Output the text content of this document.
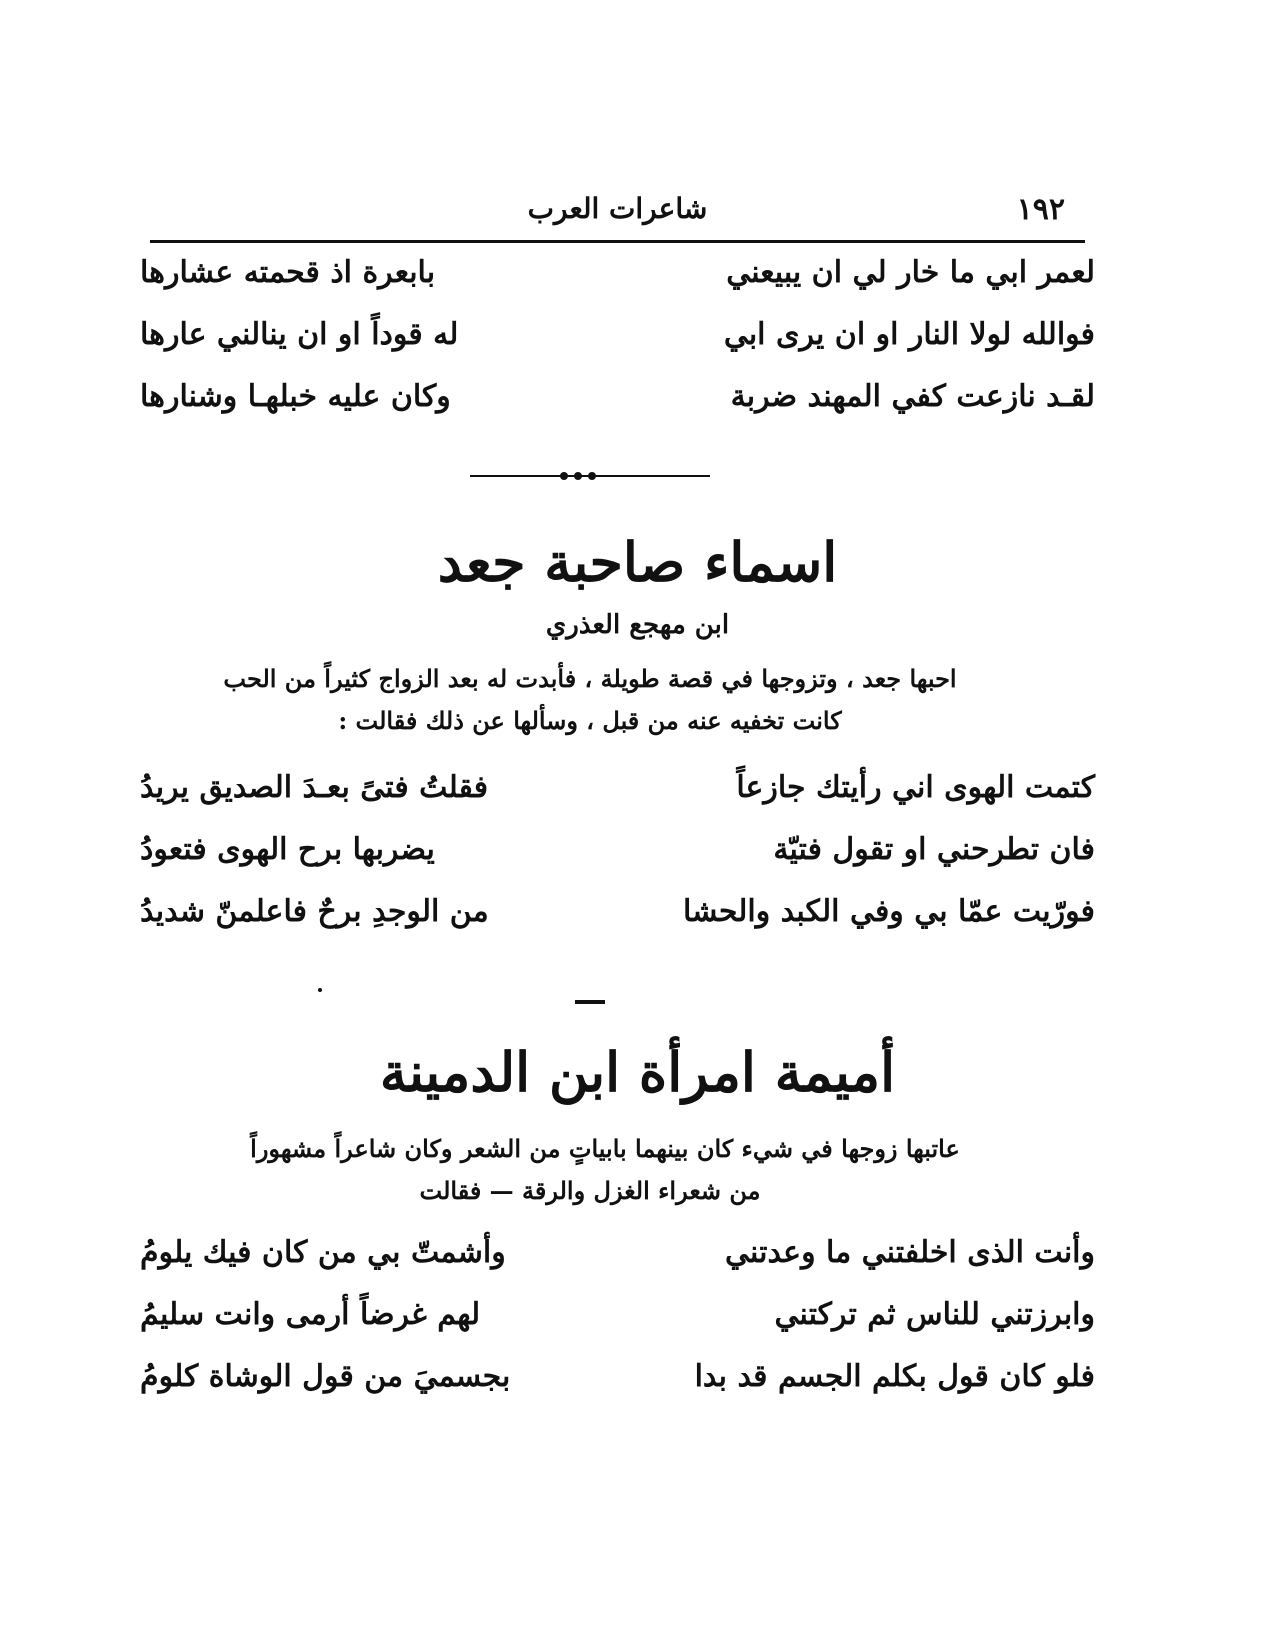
١٩٢
شاعرات العرب
لعمر ابي ما خار لي ان يبيعني
بابعرة اذ قحمته عشارها
فوالله لولا النار او ان يرى ابي
له قوداً او ان ينالني عارها
لقـد نازعت كفي المهند ضربة
وكان عليه خبلهـا وشنارها
اسماء صاحبة جعد
ابن مهجع العذري
احبها جعد ، وتزوجها في قصة طويلة ، فأبدت له بعد الزواج كثيراً من الحب
كانت تخفيه عنه من قبل ، وسألها عن ذلك فقالت :
كتمت الهوى اني رأيتك جازعاً
فقلتُ فتىً بعـدَ الصديق يريدُ
فان تطرحني او تقول فتيّة
يضربها برح الهوى فتعودُ
فورّيت عمّا بي وفي الكبد والحشا
من الوجدِ برحٌ فاعلمنّ شديدُ
أميمة امرأة ابن الدمينة
عاتبها زوجها في شيء كان بينهما بابياتٍ من الشعر وكان شاعراً مشهوراً
من شعراء الغزل والرقة — فقالت
وأنت الذى اخلفتني ما وعدتني
وأشمتّ بي من كان فيك يلومُ
وابرزتني للناس ثم تركتني
لهم غرضاً أرمى وانت سليمُ
فلو كان قول بكلم الجسم قد بدا
بجسميَ من قول الوشاة كلومُ
